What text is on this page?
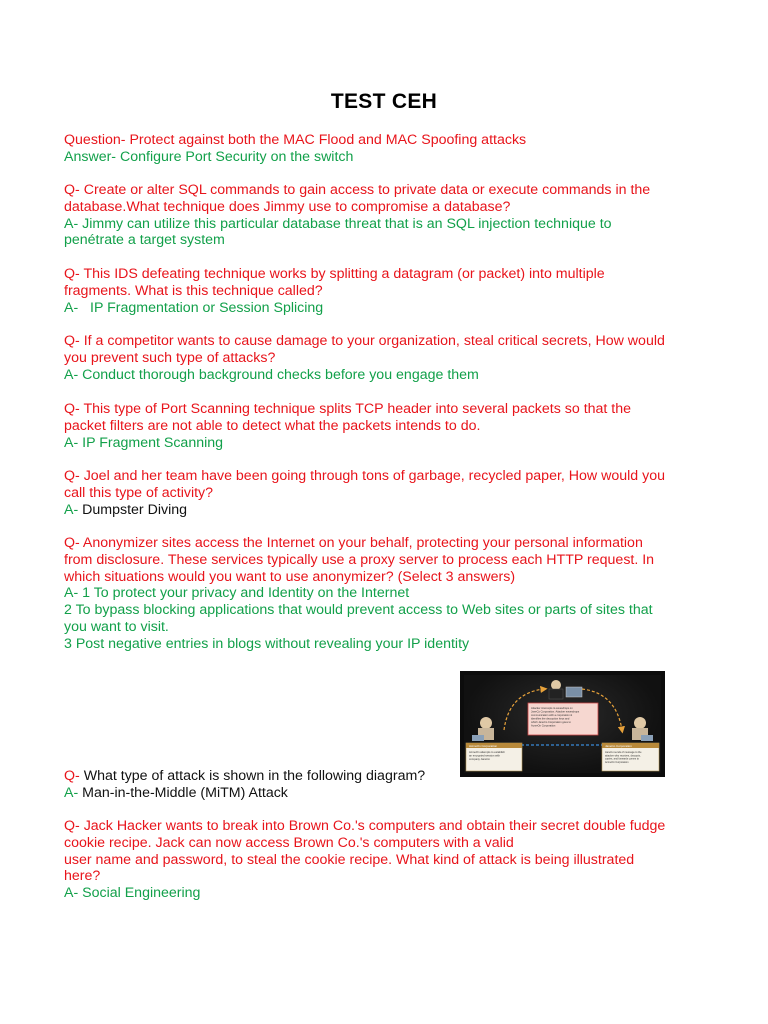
TEST CEH
Question- Protect against both the MAC Flood and MAC Spoofing attacks
Answer- Configure Port Security on the switch
Q- Create or alter SQL commands to gain access to private data or execute commands in the
database.What technique does Jimmy use to compromise a database?
A- Jimmy can utilize this particular database threat that is an SQL injection technique to
penétrate a target system
Q- This IDS defeating technique works by splitting a datagram (or packet) into multiple
fragments. What is this technique called?
A-   IP Fragmentation or Session Splicing
Q- If a competitor wants to cause damage to your organization, steal critical secrets, How would
you prevent such type of attacks?
A- Conduct thorough background checks before you engage them
Q- This type of Port Scanning technique splits TCP header into several packets so that the
packet filters are not able to detect what the packets intends to do.
A- IP Fragment Scanning
Q- Joel and her team have been going through tons of garbage, recycled paper, How would you
call this type of activity?
A- Dumpster Diving
Q- Anonymizer sites access the Internet on your behalf, protecting your personal information
from disclosure. These services typically use a proxy server to process each HTTP request. In
which situations would you want to use anonymizer? (Select 3 answers)
A- 1 To protect your privacy and Identity on the Internet
2 To bypass blocking applications that would prevent access to Web sites or parts of sites that
you want to visit.
3 Post negative entries in blogs without revealing your IP identity
Attacker intercepts & eavesdrops on JaneCo Corporation. Attacker eavesdrops communication with a corporation & identifies the decryption keys and which JaneCo Corporation goes to AcmeOn Corporation
AcmeOn Corporation
AcmeOn attempts to establish an encrypted session with company JaneCo
JaneCo Corporation
JaneCo sends of message to the attacker who receives, decrypts, copies, and forwards comes to AcmeOn Corporation
Q- What type of attack is shown in the following diagram?
A- Man-in-the-Middle (MiTM) Attack
Q- Jack Hacker wants to break into Brown Co.'s computers and obtain their secret double fudge
cookie recipe. Jack can now access Brown Co.'s computers with a valid
user name and password, to steal the cookie recipe. What kind of attack is being illustrated
here?
A- Social Engineering
